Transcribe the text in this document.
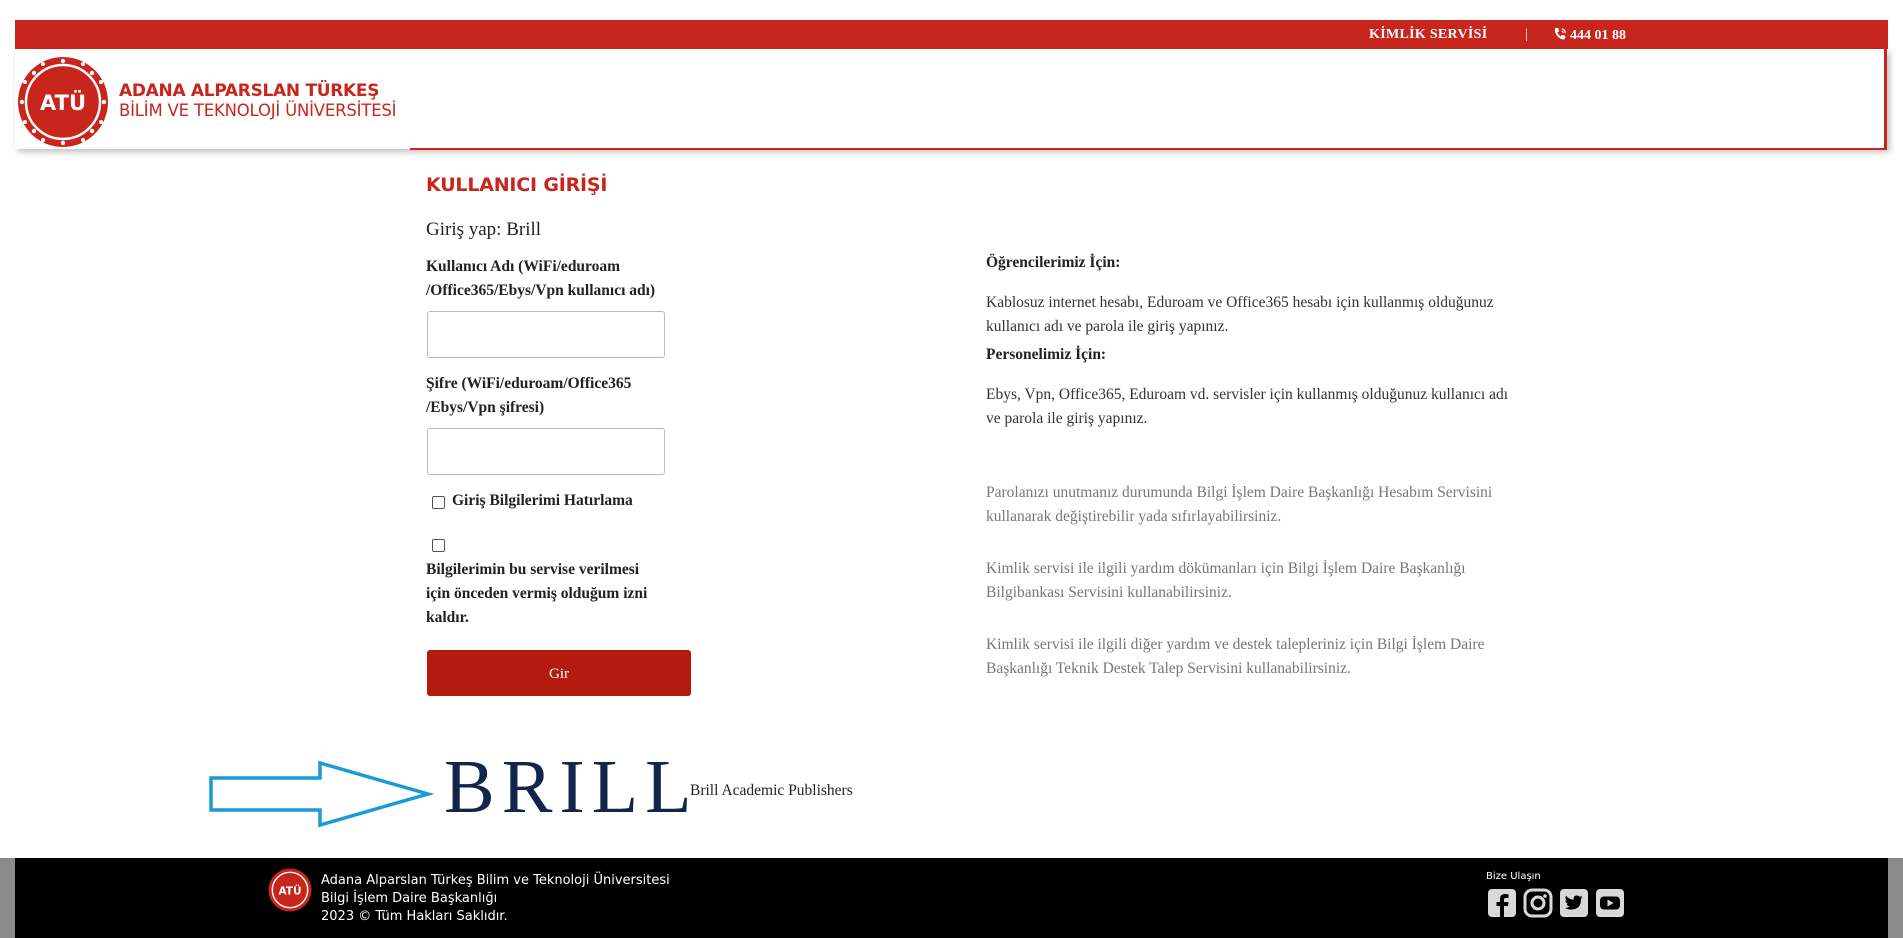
KİMLİK SERVİSİ	|	444 01 88
ATÜ ADANA ALPARSLAN TÜRKEŞ
BİLİM VE TEKNOLOJİ ÜNİVERSİTESİ
KULLANICI GİRİŞİ
Giriş yap: Brill
Kullanıcı Adı (WiFi/eduroam /Office365/Ebys/Vpn kullanıcı adı)
Şifre (WiFi/eduroam/Office365 /Ebys/Vpn şifresi)
Giriş Bilgilerimi Hatırlama
Bilgilerimin bu servise verilmesi için önceden vermiş olduğum izni kaldır.
Gir
Öğrencilerimiz İçin:
Kablosuz internet hesabı, Eduroam ve Office365 hesabı için kullanmış olduğunuz kullanıcı adı ve parola ile giriş yapınız.
Personelimiz İçin:
Ebys, Vpn, Office365, Eduroam vd. servisler için kullanmış olduğunuz kullanıcı adı ve parola ile giriş yapınız.
Parolanızı unutmanız durumunda Bilgi İşlem Daire Başkanlığı Hesabım Servisini kullanarak değiştirebilir yada sıfırlayabilirsiniz.
Kimlik servisi ile ilgili yardım dökümanları için Bilgi İşlem Daire Başkanlığı Bilgibankası Servisini kullanabilirsiniz.
Kimlik servisi ile ilgili diğer yardım ve destek talepleriniz için Bilgi İşlem Daire Başkanlığı Teknik Destek Talep Servisini kullanabilirsiniz.
BRILL
Brill Academic Publishers
ATÜ
Adana Alparslan Türkeş Bilim ve Teknoloji Üniversitesi
Bilgi İşlem Daire Başkanlığı
2023 © Tüm Hakları Saklıdır.
Bize Ulaşın
